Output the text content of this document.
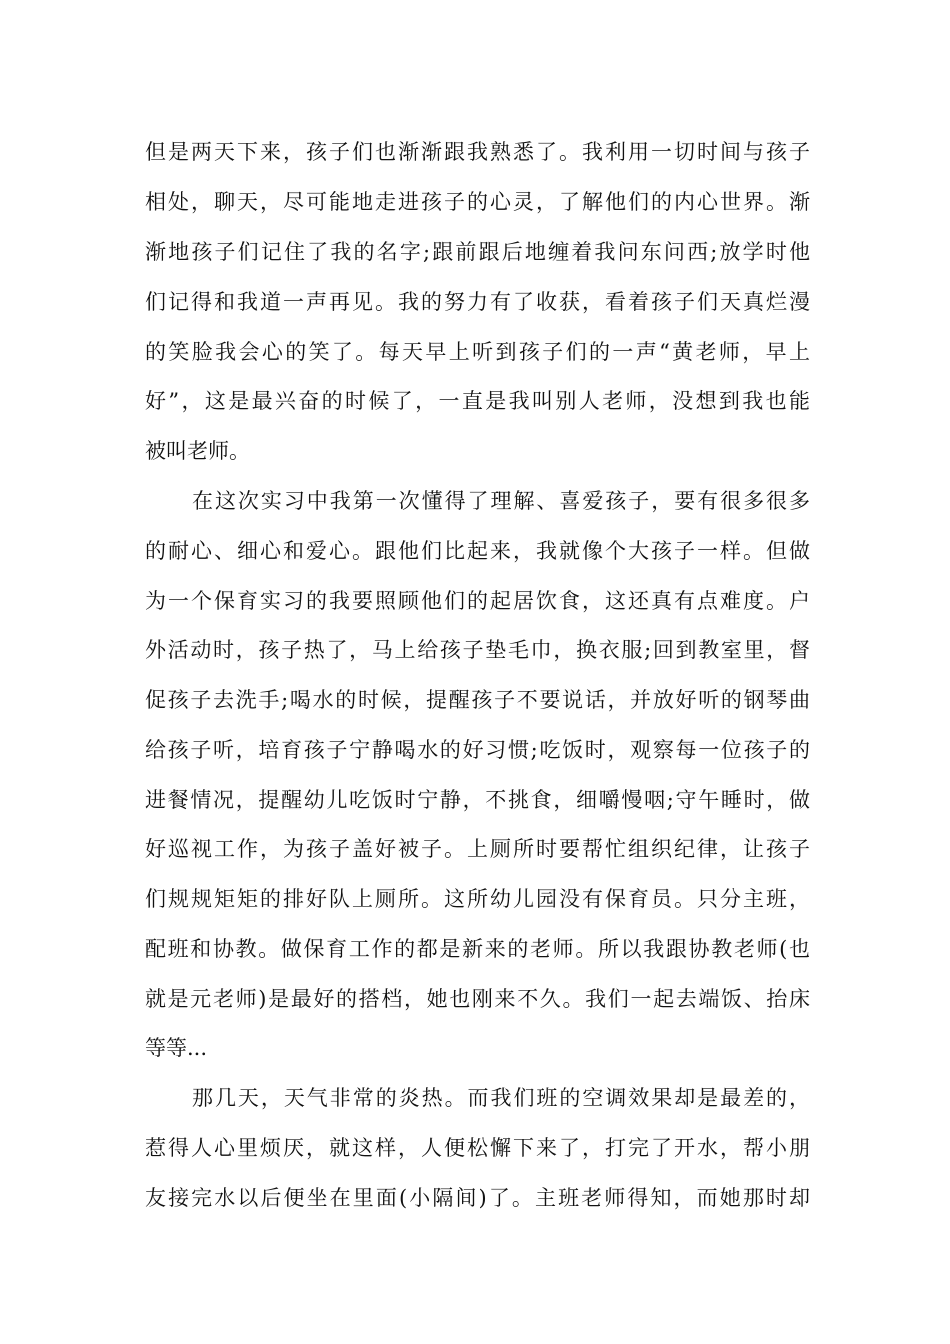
但是两天下来，孩子们也渐渐跟我熟悉了。我利用一切时间与孩子
相处，聊天，尽可能地走进孩子的心灵，了解他们的内心世界。渐
渐地孩子们记住了我的名字;跟前跟后地缠着我问东问西;放学时他
们记得和我道一声再见。我的努力有了收获，看着孩子们天真烂漫
的笑脸我会心的笑了。每天早上听到孩子们的一声“黄老师，早上
好”，这是最兴奋的时候了，一直是我叫别人老师，没想到我也能
被叫老师。
在这次实习中我第一次懂得了理解、喜爱孩子，要有很多很多
的耐心、细心和爱心。跟他们比起来，我就像个大孩子一样。但做
为一个保育实习的我要照顾他们的起居饮食，这还真有点难度。户
外活动时，孩子热了，马上给孩子垫毛巾，换衣服;回到教室里，督
促孩子去洗手;喝水的时候，提醒孩子不要说话，并放好听的钢琴曲
给孩子听，培育孩子宁静喝水的好习惯;吃饭时，观察每一位孩子的
进餐情况，提醒幼儿吃饭时宁静，不挑食，细嚼慢咽;守午睡时，做
好巡视工作，为孩子盖好被子。上厕所时要帮忙组织纪律，让孩子
们规规矩矩的排好队上厕所。这所幼儿园没有保育员。只分主班，
配班和协教。做保育工作的都是新来的老师。所以我跟协教老师(也
就是元老师)是最好的搭档，她也刚来不久。我们一起去端饭、抬床
等等...
那几天，天气非常的炎热。而我们班的空调效果却是最差的，
惹得人心里烦厌，就这样，人便松懈下来了，打完了开水，帮小朋
友接完水以后便坐在里面(小隔间)了。主班老师得知，而她那时却
